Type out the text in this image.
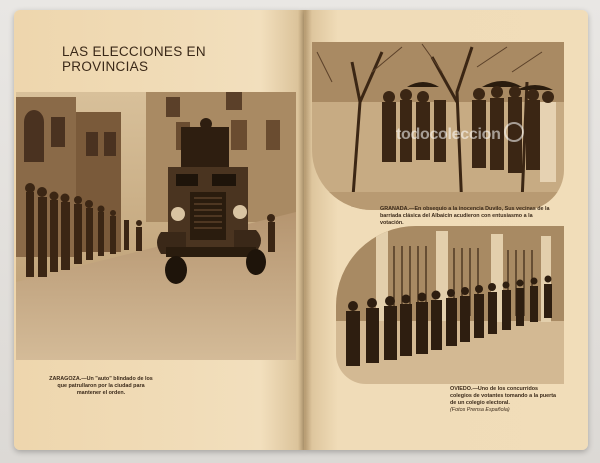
LAS ELECCIONES EN PROVINCIAS
todocoleccion
ZARAGOZA.—Un "auto" blindado de los que patrullaron por la ciudad para mantener el orden.
GRANADA.—En obsequio a la inocencia Duvilo, Sus vecinas de la barriada clásica del Albaicín acudieron con entusiasmo a la votación.
OVIEDO.—Uno de los concurridos colegios de votantes tomando a la puerta de un colegio electoral.
(Fotos Prensa Española)
